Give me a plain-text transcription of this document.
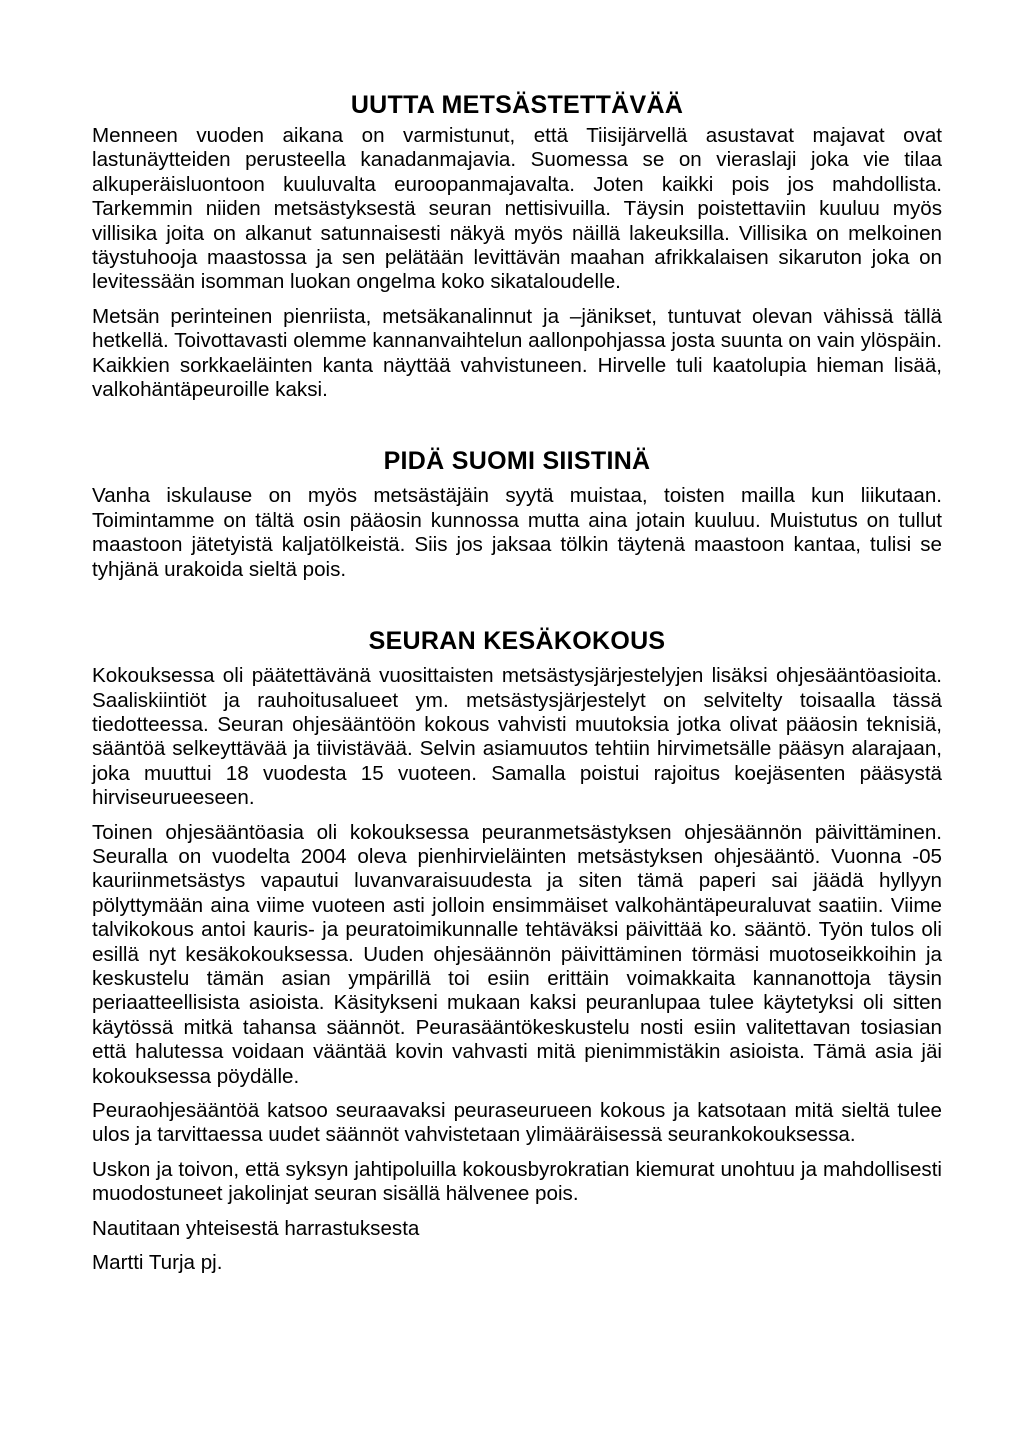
UUTTA METSÄSTETTÄVÄÄ

Menneen vuoden aikana on varmistunut, että Tiisijärvellä asustavat majavat ovat lastunäytteiden perusteella kanadanmajavia. Suomessa se on vieraslaji joka vie tilaa alkuperäisluontoon kuuluvalta euroopanmajavalta. Joten kaikki pois jos mahdollista. Tarkemmin niiden metsästyksestä seuran nettisivuilla. Täysin poistettaviin kuuluu myös villisika joita on alkanut satunnaisesti näkyä myös näillä lakeuksilla. Villisika on melkoinen täystuhooja maastossa ja sen pelätään levittävän maahan afrikkalaisen sikaruton joka on levitessään isomman luokan ongelma koko sikataloudelle.

Metsän perinteinen pienriista, metsäkanalinnut ja –jänikset, tuntuvat olevan vähissä tällä hetkellä. Toivottavasti olemme kannanvaihtelun aallonpohjassa josta suunta on vain ylöspäin. Kaikkien sorkkaeläinten kanta näyttää vahvistuneen. Hirvelle tuli kaatolupia hieman lisää, valkohäntäpeuroille kaksi.

PIDÄ SUOMI SIISTINÄ

Vanha iskulause on myös metsästäjäin syytä muistaa, toisten mailla kun liikutaan. Toimintamme on tältä osin pääosin kunnossa mutta aina jotain kuuluu. Muistutus on tullut maastoon jätetyistä kaljatölkeistä. Siis jos jaksaa tölkin täytenä maastoon kantaa, tulisi se tyhjänä urakoida sieltä pois.

SEURAN KESÄKOKOUS

Kokouksessa oli päätettävänä vuosittaisten metsästysjärjestelyjen lisäksi ohjesääntöasioita. Saaliskiintiöt ja rauhoitusalueet ym. metsästysjärjestelyt on selvitelty toisaalla tässä tiedotteessa. Seuran ohjesääntöön kokous vahvisti muutoksia jotka olivat pääosin teknisiä, sääntöä selkeyttävää ja tiivistävää. Selvin asiamuutos tehtiin hirvimetsälle pääsyn alarajaan, joka muuttui 18 vuodesta 15 vuoteen. Samalla poistui rajoitus koejäsenten pääsystä hirviseurueeseen.

Toinen ohjesääntöasia oli kokouksessa peuranmetsästyksen ohjesäännön päivittäminen. Seuralla on vuodelta 2004 oleva pienhirvieläinten metsästyksen ohjesääntö. Vuonna -05 kauriinmetsästys vapautui luvanvaraisuudesta ja siten tämä paperi sai jäädä hyllyyn pölyttymään aina viime vuoteen asti jolloin ensimmäiset valkohäntäpeuraluvat saatiin. Viime talvikokous antoi kauris- ja peuratoimikunnalle tehtäväksi päivittää ko. sääntö. Työn tulos oli esillä nyt kesäkokouksessa. Uuden ohjesäännön päivittäminen törmäsi muotoseikkoihin ja keskustelu tämän asian ympärillä toi esiin erittäin voimakkaita kannanottoja täysin periaatteellisista asioista. Käsitykseni mukaan kaksi peuranlupaa tulee käytetyksi oli sitten käytössä mitkä tahansa säännöt. Peurasääntökeskustelu nosti esiin valitettavan tosiasian että halutessa voidaan vääntää kovin vahvasti mitä pienimmistäkin asioista. Tämä asia jäi kokouksessa pöydälle.

Peuraohjesääntöä katsoo seuraavaksi peuraseurueen kokous ja katsotaan mitä sieltä tulee ulos ja tarvittaessa uudet säännöt vahvistetaan ylimääräisessä seurankokouksessa.

Uskon ja toivon, että syksyn jahtipoluilla kokousbyrokratian kiemurat unohtuu ja mahdollisesti muodostuneet jakolinjat seuran sisällä hälvenee pois.

Nautitaan yhteisestä harrastuksesta

Martti Turja pj.
